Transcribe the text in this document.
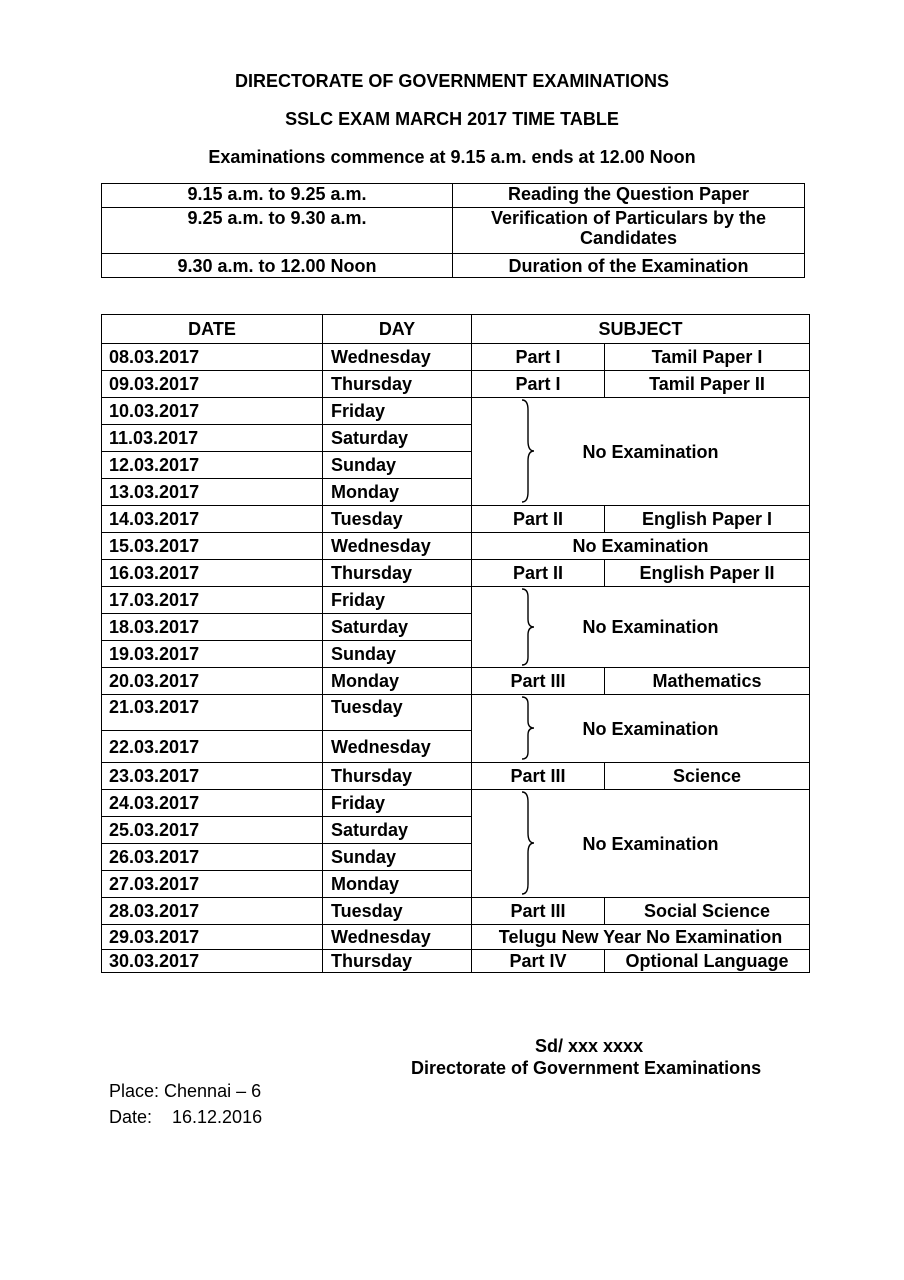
DIRECTORATE OF GOVERNMENT EXAMINATIONS
SSLC EXAM MARCH 2017 TIME TABLE
Examinations commence at 9.15 a.m. ends at 12.00 Noon
9.15 a.m. to 9.25 a.m.	Reading the Question Paper
9.25 a.m. to 9.30 a.m.	Verification of Particulars by the Candidates
9.30 a.m. to 12.00 Noon	Duration of the Examination
DATE	DAY	SUBJECT	
08.03.2017	Wednesday	Part I	Tamil Paper I
09.03.2017	Thursday	Part I	Tamil Paper II
10.03.2017	Friday	No Examination	
11.03.2017	Saturday		
12.03.2017	Sunday		
13.03.2017	Monday		
14.03.2017	Tuesday	Part II	English Paper I
15.03.2017	Wednesday	No Examination	
16.03.2017	Thursday	Part II	English Paper II
17.03.2017	Friday	No Examination	
18.03.2017	Saturday		
19.03.2017	Sunday		
20.03.2017	Monday	Part III	Mathematics
21.03.2017	Tuesday	No Examination	
22.03.2017	Wednesday		
23.03.2017	Thursday	Part III	Science
24.03.2017	Friday	No Examination	
25.03.2017	Saturday		
26.03.2017	Sunday		
27.03.2017	Monday		
28.03.2017	Tuesday	Part III	Social Science
29.03.2017	Wednesday	Telugu New Year No Examination	
30.03.2017	Thursday	Part IV	Optional Language
Sd/ xxx xxxx
Directorate of Government Examinations
Place: Chennai – 6
Date: 16.12.2016
